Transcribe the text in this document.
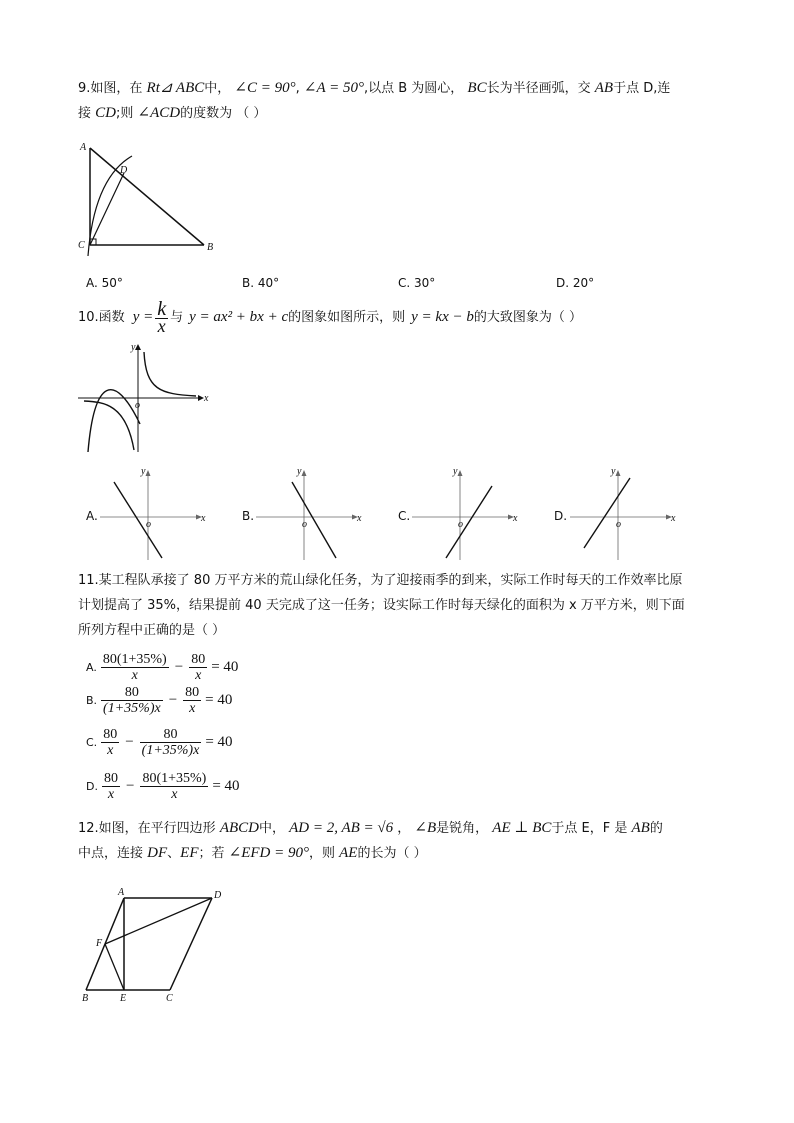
9.如图，在 Rt⊿ ABC中， ∠C = 90°, ∠A = 50°,以点 B 为圆心， BC长为半径画弧，交 AB于点 D,连
接 CD;则 ∠ACD的度数为 （ ）
A
D
C	B
A. 50°	B. 40°	C. 30°	D. 20°
10.函数 $y = \frac{k}{x}$ 与 y = ax² + bx + c 的图象如图所示，则 y = kx − b 的大致图象为（ ）
x
y
o
A.	B.	C.	D.
x
y
o
x
y
o
x
y
o
x
y
o
11.某工程队承接了 80 万平方米的荒山绿化任务，为了迎接雨季的到来，实际工作时每天的工作效率比原
计划提高了 35%，结果提前 40 天完成了这一任务；设实际工作时每天绿化的面积为 x 万平方米，则下面
所列方程中正确的是（ ）
A. $\frac{80(1+35\%)}{x} - \frac{80}{x} = 40$
B. $\frac{80}{(1+35\%)x} - \frac{80}{x} = 40$
C. $\frac{80}{x} - \frac{80}{(1+35\%)x} = 40$
D. $\frac{80}{x} - \frac{80(1+35\%)}{x} = 40$
12.如图，在平行四边形 ABCD中， AD = 2, AB = √6 ， ∠B是锐角， AE ⊥ BC于点 E，F 是 AB的
中点，连接 DF、EF；若 ∠EFD = 90°，则 AE的长为（ ）
A	D
F
B	E	C
